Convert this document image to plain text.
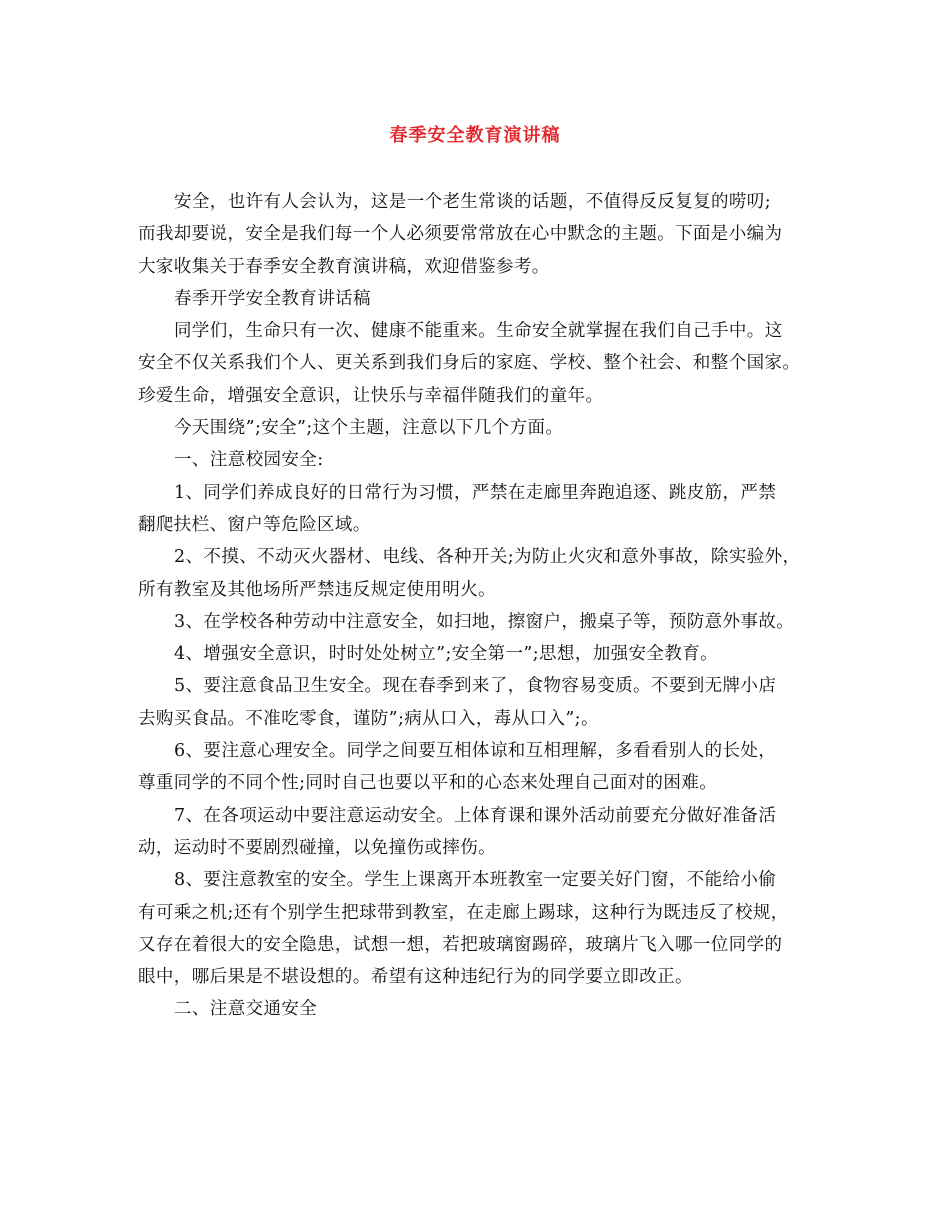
春季安全教育演讲稿
安全，也许有人会认为，这是一个老生常谈的话题，不值得反反复复的唠叨;
而我却要说，安全是我们每一个人必须要常常放在心中默念的主题。下面是小编为
大家收集关于春季安全教育演讲稿，欢迎借鉴参考。
春季开学安全教育讲话稿
同学们，生命只有一次、健康不能重来。生命安全就掌握在我们自己手中。这
安全不仅关系我们个人、更关系到我们身后的家庭、学校、整个社会、和整个国家。
珍爱生命，增强安全意识，让快乐与幸福伴随我们的童年。
今天围绕”;安全”;这个主题，注意以下几个方面。
一、注意校园安全:
1、同学们养成良好的日常行为习惯，严禁在走廊里奔跑追逐、跳皮筋，严禁
翻爬扶栏、窗户等危险区域。
2、不摸、不动灭火器材、电线、各种开关;为防止火灾和意外事故，除实验外，
所有教室及其他场所严禁违反规定使用明火。
3、在学校各种劳动中注意安全，如扫地，擦窗户，搬桌子等，预防意外事故。
4、增强安全意识，时时处处树立”;安全第一”;思想，加强安全教育。
5、要注意食品卫生安全。现在春季到来了，食物容易变质。不要到无牌小店
去购买食品。不准吃零食，谨防”;病从口入，毒从口入”;。
6、要注意心理安全。同学之间要互相体谅和互相理解，多看看别人的长处，
尊重同学的不同个性;同时自己也要以平和的心态来处理自己面对的困难。
7、在各项运动中要注意运动安全。上体育课和课外活动前要充分做好准备活
动，运动时不要剧烈碰撞，以免撞伤或摔伤。
8、要注意教室的安全。学生上课离开本班教室一定要关好门窗，不能给小偷
有可乘之机;还有个别学生把球带到教室，在走廊上踢球，这种行为既违反了校规，
又存在着很大的安全隐患，试想一想，若把玻璃窗踢碎，玻璃片飞入哪一位同学的
眼中，哪后果是不堪设想的。希望有这种违纪行为的同学要立即改正。
二、注意交通安全
